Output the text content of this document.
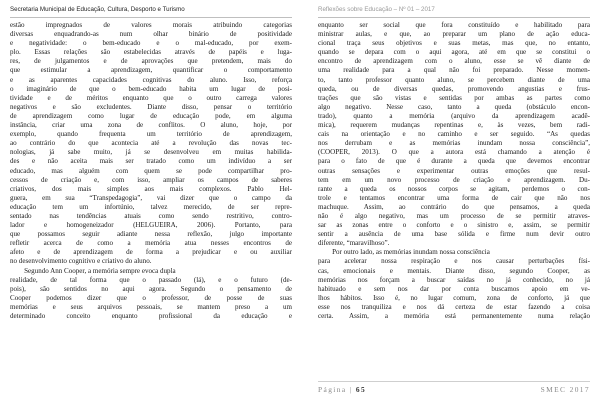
Secretaria Municipal de Educação, Cultura, Desporto e Turismo	Reflexões sobre Educação – Nº 01 – 2017
estão impregnados de valores morais atribuindo categorias
diversas enquadrando-as num olhar binário de positividade
e negatividade: o bem-educado e o mal-educado, por exem-
plo. Essas relações são estabelecidas através de papéis e luga-
res, de julgamentos e de aprovações que pretendem, mais do
que estimular a aprendizagem, quantificar o comportamento
e as aparentes capacidades cognitivas do aluno. Isso, reforça
o imaginário de que o bem-educado habita um lugar de posi-
tividade e de méritos enquanto que o outro carrega valores
negativos e são excludentes. Diante disso, pensar o território
de aprendizagem como lugar de educação pode, em alguma
instância, criar uma zona de conflitos. O aluno, hoje, por
exemplo, quando frequenta um território de aprendizagem,
ao contrário do que acontecia até a revolução das novas tec-
nologias, já sabe muito, já se desenvolveu em muitas habilida-
des e não aceita mais ser tratado como um indivíduo a ser
educado, mas alguém com quem se pode compartilhar pro-
cessos de criação e, com isso, ampliar os campos de saberes
criativos, dos mais simples aos mais complexos. Pablo Hel-
guera, em sua “Transpedagogia”, vai dizer que o campo da
educação tem um infortúnio, talvez merecido, de ser repre-
sentado nas tendências atuais como sendo restritivo, contro-
lador e homogeneizador (HELGUEIRA, 2006). Portanto, para
que possamos seguir adiante nessa reflexão, julgo importante
refletir acerca de como a memória atua nesses encontros de
afeto e de aprendizagem de forma a prejudicar e ou auxiliar
no desenvolvimento cognitivo e criativo do aluno.
Segundo Ann Cooper, a memória sempre evoca dupla
realidade, de tal forma que o passado (lá), e o futuro (de-
pois), são sentidos no aqui agora. Segundo o pensamento de
Cooper podemos dizer que o professor, de posse de suas
memórias e seus arquivos pessoais, se mantem preso a um
determinado conceito enquanto profissional da educação e
enquanto ser social que fora constituído e habilitado para
ministrar aulas, e que, ao preparar um plano de ação educa-
cional traça seus objetivos e suas metas, mas que, no entanto,
quando se depara com o aqui agora, até em que se constitui o
encontro de aprendizagem com o aluno, esse se vê diante de
uma realidade para a qual não foi preparado. Nesse momen-
to, tanto professor quanto aluno, se percebem diante de uma
queda, ou de diversas quedas, promovendo angustias e frus-
trações que são vistas e sentidas por ambas as partes como
algo negativo. Nesse caso, tanto a queda (obstáculo encon-
trado), quanto a memória (arquivo da aprendizagem acadê-
mica), requerem mudanças repentinas e, às vezes, bem radi-
cais na orientação e no caminho e ser seguido. “As quedas
nos derrubam e as memórias inundam nossa consciência”,
(COOPER, 2013). O que a autora está chamando a atenção é
para o fato de que é durante a queda que devemos encontrar
outras sensações e experimentar outras emoções que resul-
tem em um novo processo de criação e aprendizagem. Du-
rante a queda os nossos corpos se agitam, perdemos o con-
trole e tentamos encontrar uma forma de cair que não nos
machuque. Assim, ao contrário do que pensamos, a queda
não é algo negativo, mas um processo de se permitir atraves-
sar as zonas entre o conforto e o sinistro e, assim, se permitir
sentir a ausência de uma base sólida e firme num devir outro
diferente, “maravilhoso”.
Por outro lado, as memórias inundam nossa consciência
para acelerar nossa respiração e nos causar perturbações físi-
cas, emocionais e mentais. Diante disso, segundo Cooper, as
memórias nos forçam a buscar saídas no já conhecido, no já
habituado e sem nos dar por conta buscamos apoio em ve-
lhos hábitos. Isso é, no lugar comum, zona de conforto, já que
esse nos tranquiliza e nos dá certeza de estar fazendo a coisa
certa. Assim, a memória está permanentemente numa relação
Página | 65	SMEC 2017
